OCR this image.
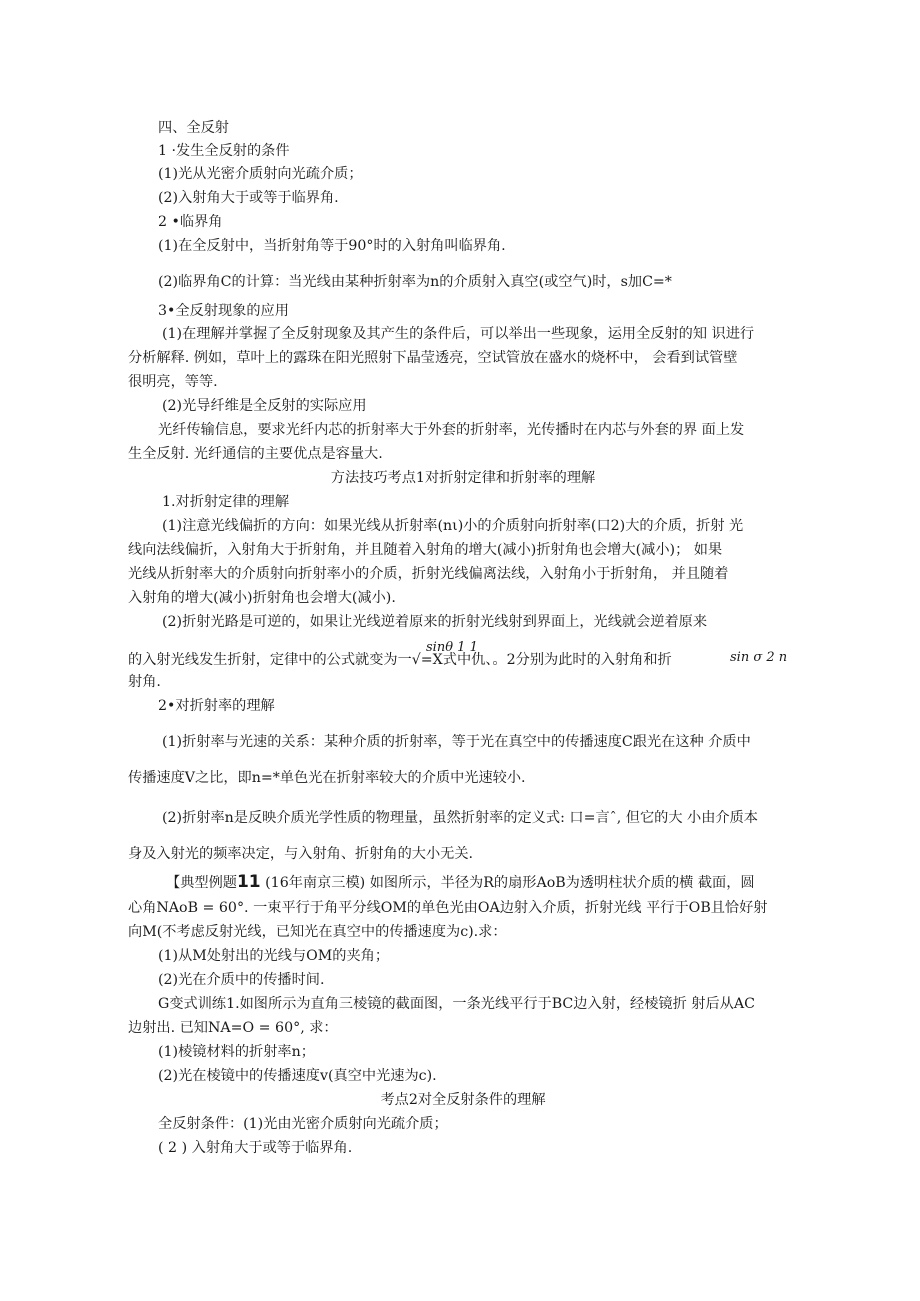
四、全反射
1 ·发生全反射的条件
(1)光从光密介质射向光疏介质；
(2)入射角大于或等于临界角.
2 •临界角
(1)在全反射中，当折射角等于90°时的入射角叫临界角.
(2)临界角C的计算：当光线由某种折射率为n的介质射入真空(或空气)时，s加C=*
3•全反射现象的应用
(1)在理解并掌握了全反射现象及其产生的条件后，可以举出一些现象，运用全反射的知 识进行
分析解释. 例如，草叶上的露珠在阳光照射下晶莹透亮，空试管放在盛水的烧杯中， 会看到试管壁
很明亮，等等.
(2)光导纤维是全反射的实际应用
光纤传输信息，要求光纤内芯的折射率大于外套的折射率，光传播时在内芯与外套的界 面上发
生全反射. 光纤通信的主要优点是容量大.
方法技巧考点1对折射定律和折射率的理解
1.对折射定律的理解
(1)注意光线偏折的方向：如果光线从折射率(nι)小的介质射向折射率(口2)大的介质，折射 光
线向法线偏折，入射角大于折射角，并且随着入射角的增大(减小)折射角也会增大(减小)； 如果
光线从折射率大的介质射向折射率小的介质，折射光线偏离法线，入射角小于折射角， 并且随着
入射角的增大(减小)折射角也会增大(减小).
(2)折射光路是可逆的，如果让光线逆着原来的折射光线射到界面上，光线就会逆着原来
sinθ 1 1
的入射光线发生折射，定律中的公式就变为一√=X式中仇、。2分别为此时的入射角和折	sin σ 2 n
射角.
2•对折射率的理解
(1)折射率与光速的关系：某种介质的折射率，等于光在真空中的传播速度C跟光在这种 介质中
传播速度V之比，即n=*单色光在折射率较大的介质中光速较小.
(2)折射率n是反映介质光学性质的物理量，虽然折射率的定义式: 口=言ˆ, 但它的大 小由介质本
身及入射光的频率决定，与入射角、折射角的大小无关.
【典型例题11 (16年南京三模) 如图所示，半径为R的扇形AoB为透明柱状介质的横 截面，圆
心角NAoB = 60°. 一束平行于角平分线OM的单色光由OA边射入介质，折射光线 平行于OB且恰好射
向M(不考虑反射光线，已知光在真空中的传播速度为c).求：
(1)从M处射出的光线与OM的夹角；
(2)光在介质中的传播时间.
G变式训练1.如图所示为直角三棱镜的截面图，一条光线平行于BC边入射，经棱镜折 射后从AC
边射出. 已知NA=O = 60°, 求：
(1)棱镜材料的折射率n；
(2)光在棱镜中的传播速度v(真空中光速为c).
考点2对全反射条件的理解
全反射条件：(1)光由光密介质射向光疏介质；
( 2 ) 入射角大于或等于临界角.
